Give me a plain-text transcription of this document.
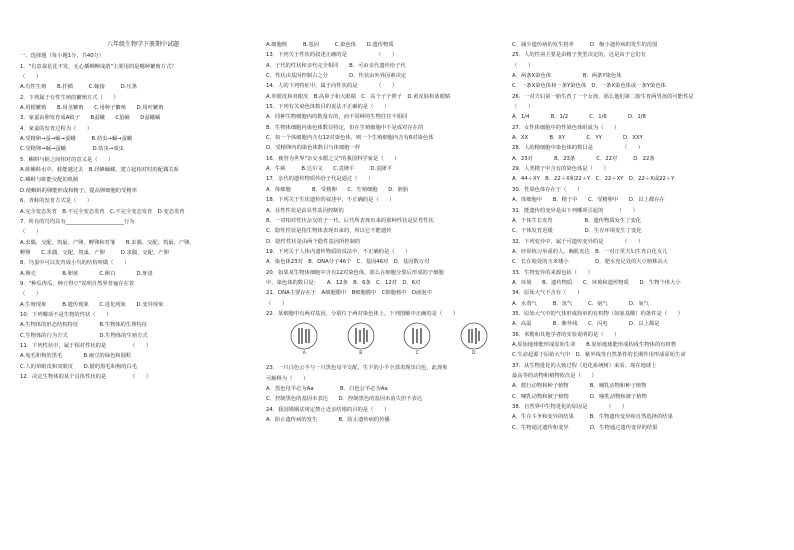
八年级生物学下册期中试题
一、选择题（每小题1分，共40分）
1．"有意栽花花不发，无心插柳柳成荫"主要用的是哪种繁殖方式？
（　　）
A.有性生殖　　B.扦插　　　C.嫁接　　　D.压条
2．下列属于有性生殖的繁殖方式（　　）
A.用根繁殖　　B.用茎繁殖　　C.用种子繁殖　　D.用叶繁殖
3．家蚕由卵发育成A蚁子　　B蚕蛾　　C茧蛹　　D蚕蛾蛹
4．家蚕的发育过程为（　　）
A.受精卵→蚕→蛹→蚕蛾　　　B.幼虫→蛹→蚕蛾
C.受精卵→蛹→蚕蛾　　　　　D.幼虫→成虫
5．蝌蚪与蛙之间相对的意义是（　　）
A.蛙蝌蚪水中，蛙能越过去　B.居蜂蛹藏，建立起相对时的配偶关系
C.蝌蚪与蛙能交配的机制
D.使蝌蚪的卵能形成和精子，提高卵细胞的受精率
6．青蛙的发育方式是（　　）
A.完全变态发育　B.不完全变态发育　C.不完全变态发育　D.变态发育
7．所有的鸟均具有______________________行为
（　　）
A.求偶、交配、筑巢、产卵、孵卵和育雏　　B.求偶、交配、筑巢、产卵、
孵卵　　C.求偶、交配、筑巢、产卵　　　D.求偶、交配、产卵
8．鸟蛋中可以发育成小鸟的结构叫做（　　）
A.卵壳　　　　　B.卵黄　　　　C.卵白　　　　D.胚盘
9．"种瓜得瓜，种豆得豆"说明自然界普遍存在着
（　　）
A.生殖现象　　　B.遗传现象　　C.进化现象　　D.变异现象
10．下列哪项不是生物的性状（　　）
A.生物体的形态结构特征　　　　B.生物体的生理特征
C.生物体的行为方式　　　　　　D.生物体的生殖方式
11．下列性状中，属于相对性状的是　　　　　（　　）
A.兔毛和狗的黑毛　　　　B.豌豆的绿色和圆粒
C.人的单眼皮和双眼皮　　D.猫的黑毛和狗的白毛
12．决定生物体的某个具体性状的是　　　　　（　　）
A.细胞核　　　B.基因　　　C.染色体　　D.遗传物质
13．下列关于性状的叙述正确的是　　　　　　（　　）
A．子代的性状和亲代完全相同　　B．可由亲代遗传给子代
C．性状由基因控制占之分　　　　D．性状由外界因素决定
14．人的下列特征中，属于向性状的是　　　　（　　）
A.单眼皮和双眼皮　B.高鼻子和大眼睛　C　高个子个胖子　D.黄皮肤和蓝眼睛
15．下列有关染色体数目的说法不正确的是（　　）
A．同种生物细胞内的数量有的，而不同种的生物往往不相同
B．生物体细胞内染色体数目特定，但在生殖细胞中不是成对存在的
C．如一个体细胞内含有12对染色体，则一个生殖细胞内含有6对染色体
D．受精卵内的染色体数目与体细胞一样
16．被誉为世界"杂交水稻之父"的我国科学家是（　　）
A．牛顿　　　B.达尔文　　C.袁隆平　　　D.袁隆平
17．亲代的遗传物质传给子代是通过（　　）
A．体细胞　　　　B．受精卵　　C．生殖细胞　　D．胚胎
18．下列关于生状遗传的叙述中，不正确的是（　　）
A．显性性状是由显性基因控制的
B．一对相对性状杂交的子一代，后代所表现出来的那种性状是显性性状
C．隐性性状是指生物体表现出来的，所以它不能遗传
D．隐性性状是由两个隐性基因所控制的
19．下列关于人体内遗传物质的说法中，不正确的是（　　）
A．染色体23对　B．DNA分子46个　C．基因46对　D．基因数万对
20．如果某生物体细胞中含有12对染色体，那么在细胞分裂后形成的子细胞
中，染色体的数目是：　　A．12条　B．6条　C．12对　D．6对
21．DNA主要存在于　A细胞膜中　B细胞膜中　C细胞核中　D液泡中
（　　）
22．某细胞中有两对基因，分别位于两对染色体上，下列图解中正确的是（　　）
A	B	C	D
23．一只白色公羊与一只黑色母羊交配，生下的小羊全部表现出白色，此现象
可解释为（　　）
A．黑色母羊必为Aa　　　　　B．白色公羊必为Aa
C．控制黑色的基因未表达　　D．控制黑色的基因未消失但不表达
24．我国婚姻法规定禁止近亲结婚的目的是（　　）
A．防止遗传病的发生　　　　B．防止遗传病的传播
C．减少遗传病的发生机率　　　D．缩小遗传病的发生的范围
25．人的性别主要是由精子类型决定的，这是由于它们有
（　　）
A．两条X染色体　　　　　　B．两条Y染色体
C．一条X染色体和一条Y染色体　D．一条X染色体或一条Y染色体
26．一对夫妇第一胎生育了一个女孩，那么他们第二胎生育两男孩的可能性是
（　　）
A．1/4　　　　B．1/2　　　　C．1/6　　　　D．1/8
27．女性体细胞中的性染色体组成为（　　）
A．XX　　　　B．XY　　　　C．YY　　　　D．XXY
28．人的精细胞中染色体的数目是　　　　　　（　　）
A．23对　　　　B．23条　　　　C．22对　　　D．22条
29．人类精子中含有的染色体是（　　）
A．44＋XY　B．22＋X和22＋Y　C．22＋XY　D．22＋X或22＋Y
30．性染色体存在于（　　）
A．体细胞中　　B．精子中　　C．受精卵中　　D．以上都存在
31．能遗传的变异是由下列哪项引起的　　　（　　）
A．个体生长发育　　　　　　B．遗传物质发生了变化
C．个体发育迟缓　　　　　　D．生存环境发生了变化
32．下列变异中，属于可遗传变异的是　　　　（　　）
A．经常练习举重的人，胸肌发达　B．一对正常夫妇生育白化女儿
C．长在暗处的玉米矮小　　　　　D．肥水充足处的大豆植株高大
33．生物变异的来源包括（　　）
A．环境　　B．遗传物质　　C．环境和遗传物质　　D．生物个体大小
34．原始大气不含有（　　）
A．水蒸气　　　B．氢气　　　C．氨气　　　　D．氧气
35．原始大气中的气体形成简单的有机物（如氨基酸）的条件是（　　）
A．高温　　　　B．紫外线　　C．闪电　　　　D．以上都是
36．米勒和其他学者的实验说明的是（　　）
A.原始地球能形成原始生命　　B.原始地球能形成构成生物体的有机物
C.生命起源于原始大气中　D．紫外线等自然条件的长期作用形成原始生命
37．从生物进化的大致过程（进化系统树）来看，现在地球上　　　　　　
最高等的动物和植物依次是（　　）
A．爬行动物和种子植物　　　　B．哺乳动物和种子植物
C．哺乳动物和被子植物　　　　D．哺乳动物和被子植物
38．自然界中生物进化的原因是　　　　（　　）
A．生存斗争和变异的结果　　　B．生物遗传变异和自然选择的结果
C．生物通过遗传和变异　　　　D．生物通过遗传变异的结果
